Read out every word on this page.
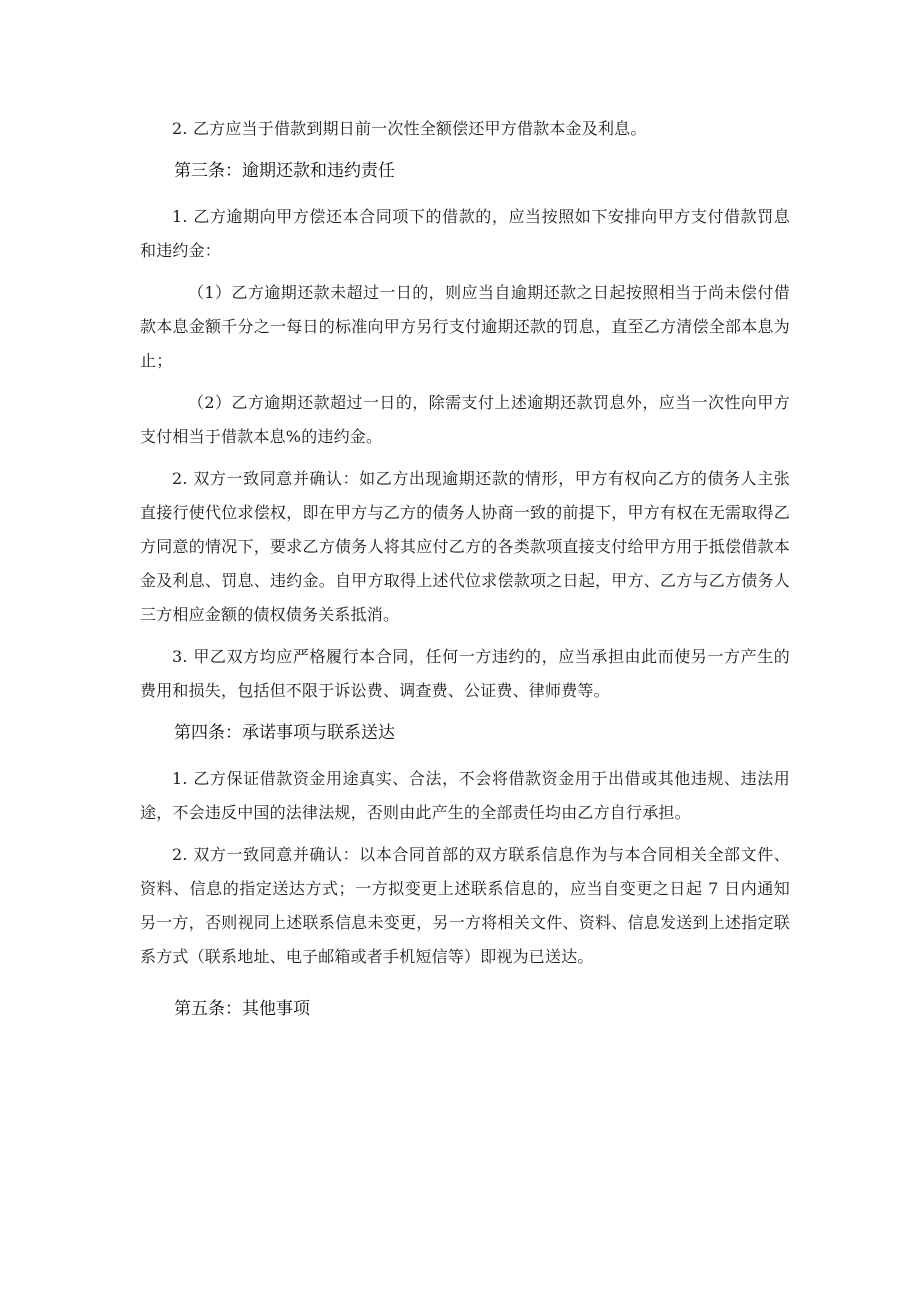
2. 乙方应当于借款到期日前一次性全额偿还甲方借款本金及利息。

第三条：逾期还款和违约责任

1. 乙方逾期向甲方偿还本合同项下的借款的，应当按照如下安排向甲方支付借款罚息和违约金：

（1）乙方逾期还款未超过一日的，则应当自逾期还款之日起按照相当于尚未偿付借款本息金额千分之一每日的标准向甲方另行支付逾期还款的罚息，直至乙方清偿全部本息为止；

（2）乙方逾期还款超过一日的，除需支付上述逾期还款罚息外，应当一次性向甲方支付相当于借款本息%的违约金。

2. 双方一致同意并确认：如乙方出现逾期还款的情形，甲方有权向乙方的债务人主张直接行使代位求偿权，即在甲方与乙方的债务人协商一致的前提下，甲方有权在无需取得乙方同意的情况下，要求乙方债务人将其应付乙方的各类款项直接支付给甲方用于抵偿借款本金及利息、罚息、违约金。自甲方取得上述代位求偿款项之日起，甲方、乙方与乙方债务人三方相应金额的债权债务关系抵消。

3. 甲乙双方均应严格履行本合同，任何一方违约的，应当承担由此而使另一方产生的费用和损失，包括但不限于诉讼费、调查费、公证费、律师费等。

第四条：承诺事项与联系送达

1. 乙方保证借款资金用途真实、合法，不会将借款资金用于出借或其他违规、违法用途，不会违反中国的法律法规，否则由此产生的全部责任均由乙方自行承担。

2. 双方一致同意并确认：以本合同首部的双方联系信息作为与本合同相关全部文件、资料、信息的指定送达方式；一方拟变更上述联系信息的，应当自变更之日起 7 日内通知另一方，否则视同上述联系信息未变更，另一方将相关文件、资料、信息发送到上述指定联系方式（联系地址、电子邮箱或者手机短信等）即视为已送达。

第五条：其他事项
